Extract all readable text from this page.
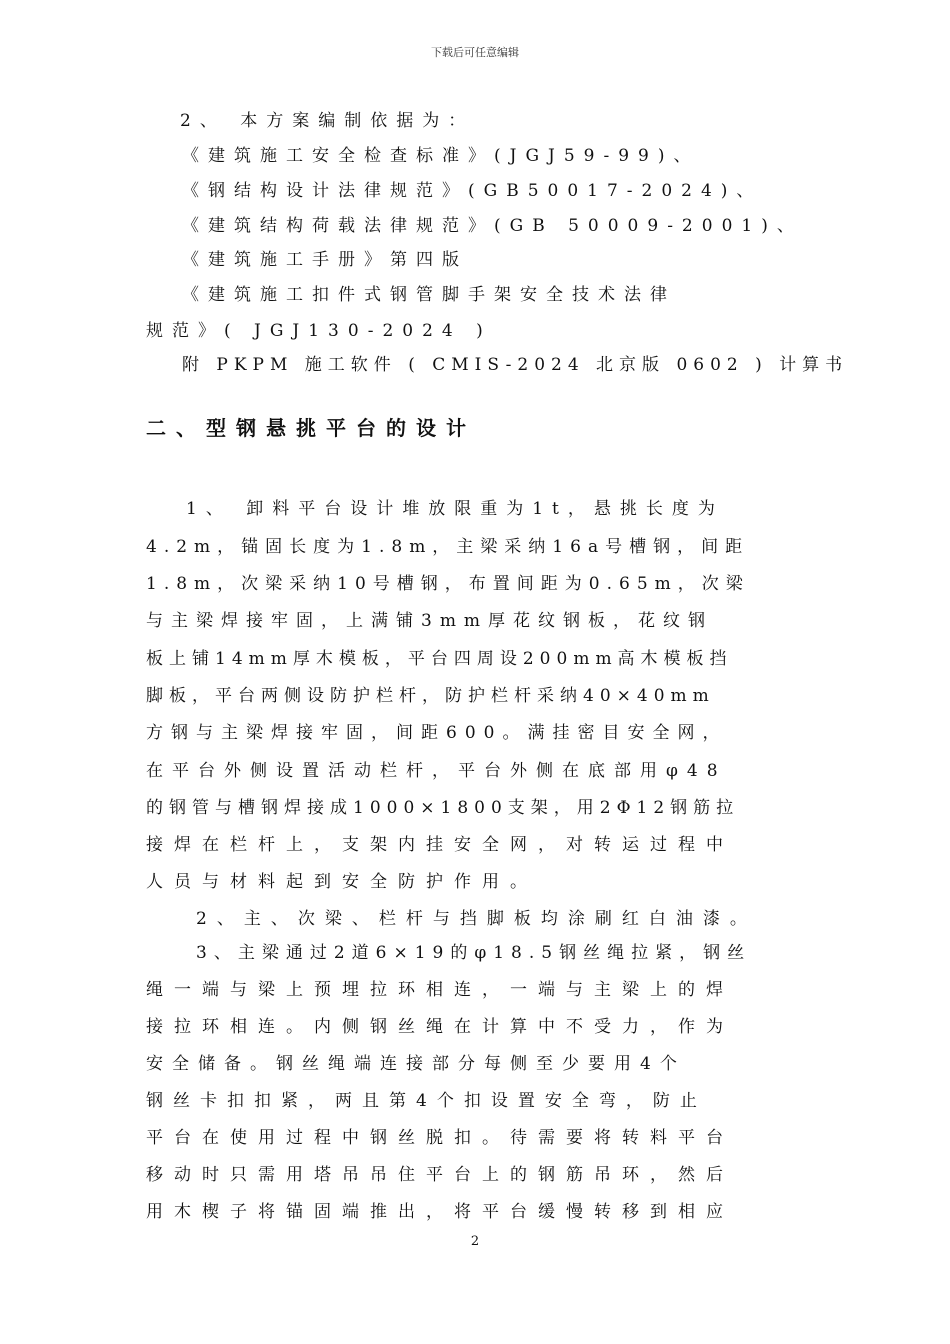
下载后可任意编辑
2、 本方案编制依据为：
《建筑施工安全检查标准》(JGJ59-99)、
《钢结构设计法律规范》(GB50017-2024)、
《建筑结构荷载法律规范》(GB 50009-2001)、
《建筑施工手册》第四版
《建筑施工扣件式钢管脚手架安全技术法律
规范》( JGJ130-2024 )
附 PKPM 施工软件 ( CMIS-2024 北京版 0602 ) 计算书
二、型钢悬挑平台的设计
1、 卸料平台设计堆放限重为1t，悬挑长度为
4.2m，锚固长度为1.8m，主梁采纳16a号槽钢，间距
1.8m，次梁采纳10号槽钢，布置间距为0.65m，次梁
与主梁焊接牢固，上满铺3mm厚花纹钢板，花纹钢
板上铺14mm厚木模板，平台四周设200mm高木模板挡
脚板，平台两侧设防护栏杆，防护栏杆采纳40×40mm
方钢与主梁焊接牢固，间距600。满挂密目安全网，
在平台外侧设置活动栏杆，平台外侧在底部用φ48
的钢管与槽钢焊接成1000×1800支架，用2Φ12钢筋拉
接焊在栏杆上，支架内挂安全网，对转运过程中
人员与材料起到安全防护作用。
2、主、次梁、栏杆与挡脚板均涂刷红白油漆。
3、主梁通过2道6×19的φ18.5钢丝绳拉紧，钢丝
绳一端与梁上预埋拉环相连，一端与主梁上的焊
接拉环相连。内侧钢丝绳在计算中不受力，作为
安全储备。钢丝绳端连接部分每侧至少要用4个
钢丝卡扣扣紧，两且第4个扣设置安全弯，防止
平台在使用过程中钢丝脱扣。待需要将转料平台
移动时只需用塔吊吊住平台上的钢筋吊环，然后
用木楔子将锚固端推出，将平台缓慢转移到相应
2
